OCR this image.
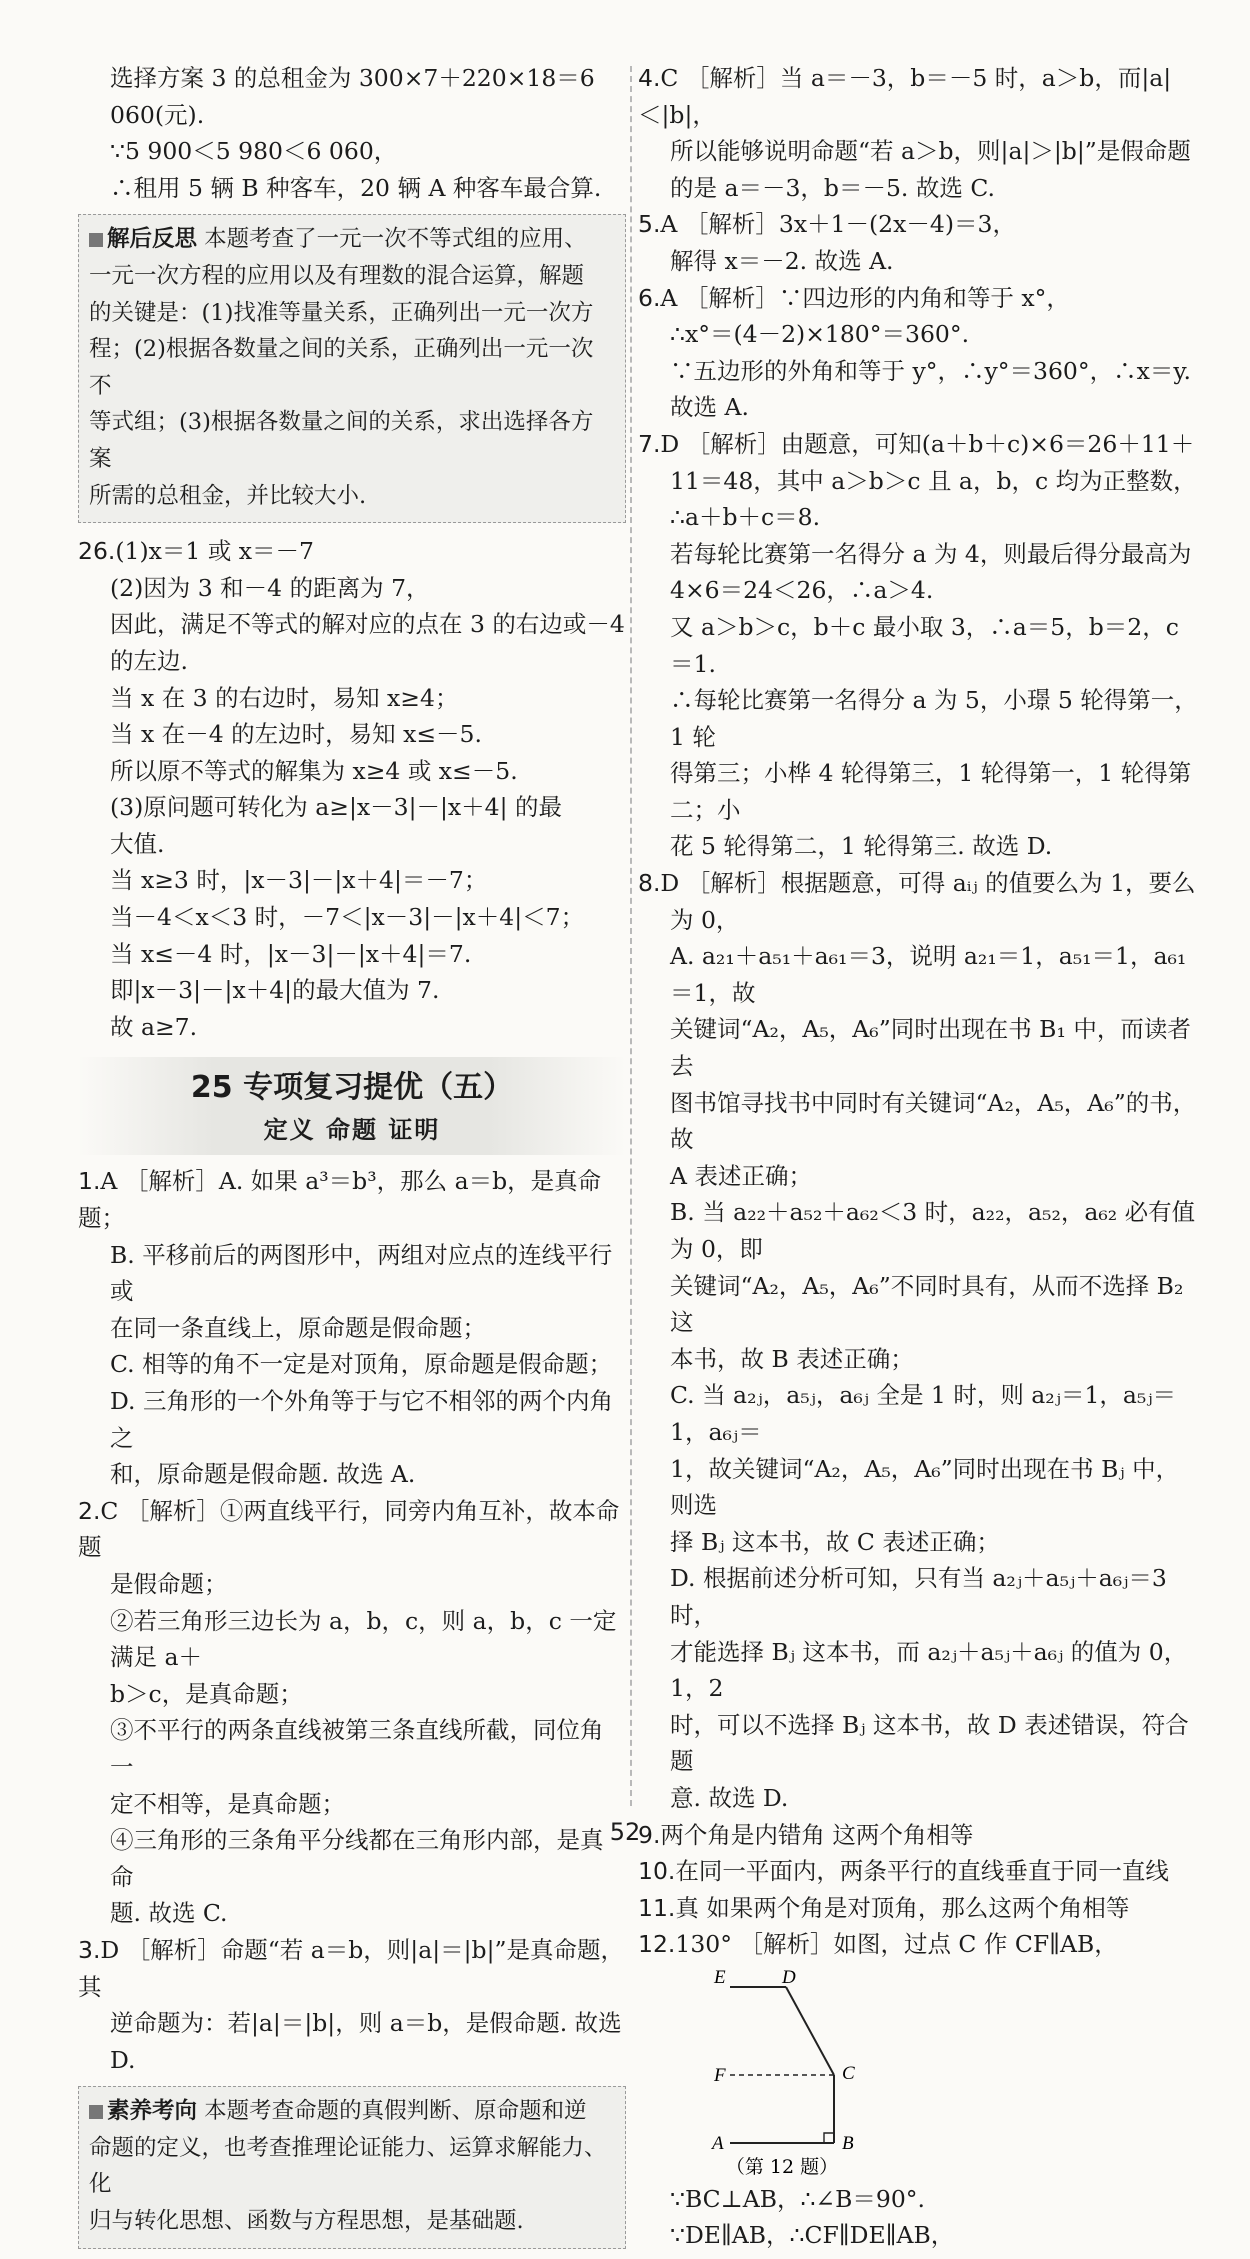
选择方案 3 的总租金为 300×7＋220×18＝6 060(元).

∵5 900＜5 980＜6 060，

∴租用 5 辆 B 种客车，20 辆 A 种客车最合算.

解后反思 本题考查了一元一次不等式组的应用、

一元一次方程的应用以及有理数的混合运算，解题

的关键是：(1)找准等量关系，正确列出一元一次方

程；(2)根据各数量之间的关系，正确列出一元一次不

等式组；(3)根据各数量之间的关系，求出选择各方案

所需的总租金，并比较大小.

26.(1)x＝1 或 x＝－7

(2)因为 3 和－4 的距离为 7，

因此，满足不等式的解对应的点在 3 的右边或－4

的左边.

当 x 在 3 的右边时，易知 x≥4；

当 x 在－4 的左边时，易知 x≤－5.

所以原不等式的解集为 x≥4 或 x≤－5.

(3)原问题可转化为 a≥|x－3|－|x＋4| 的最

大值.

当 x≥3 时，|x－3|－|x＋4|＝－7；

当－4＜x＜3 时，－7＜|x－3|－|x＋4|＜7；

当 x≤－4 时，|x－3|－|x＋4|＝7.

即|x－3|－|x＋4|的最大值为 7.

故 a≥7.

25 专项复习提优（五）
定义 命题 证明

1.A ［解析］A. 如果 a³＝b³，那么 a＝b，是真命题；

B. 平移前后的两图形中，两组对应点的连线平行或

在同一条直线上，原命题是假命题；

C. 相等的角不一定是对顶角，原命题是假命题；

D. 三角形的一个外角等于与它不相邻的两个内角之

和，原命题是假命题. 故选 A.

2.C ［解析］①两直线平行，同旁内角互补，故本命题

是假命题；

②若三角形三边长为 a，b，c，则 a，b，c 一定满足 a＋

b＞c，是真命题；

③不平行的两条直线被第三条直线所截，同位角一

定不相等，是真命题；

④三角形的三条角平分线都在三角形内部，是真命

题. 故选 C.

3.D ［解析］命题“若 a＝b，则|a|＝|b|”是真命题，其

逆命题为：若|a|＝|b|，则 a＝b，是假命题. 故选 D.

素养考向 本题考查命题的真假判断、原命题和逆

命题的定义，也考查推理论证能力、运算求解能力、化

归与转化思想、函数与方程思想，是基础题.

4.C ［解析］当 a＝－3，b＝－5 时，a＞b，而|a|＜|b|，

所以能够说明命题“若 a＞b，则|a|＞|b|”是假命题

的是 a＝－3，b＝－5. 故选 C.

5.A ［解析］3x＋1－(2x－4)＝3，

解得 x＝－2. 故选 A.

6.A ［解析］∵四边形的内角和等于 x°，

∴x°＝(4－2)×180°＝360°.

∵五边形的外角和等于 y°，∴y°＝360°，∴x＝y.

故选 A.

7.D ［解析］由题意，可知(a＋b＋c)×6＝26＋11＋

11＝48，其中 a＞b＞c 且 a，b，c 均为正整数，

∴a＋b＋c＝8.

若每轮比赛第一名得分 a 为 4，则最后得分最高为

4×6＝24＜26，∴a＞4.

又 a＞b＞c，b＋c 最小取 3，∴a＝5，b＝2，c＝1.

∴每轮比赛第一名得分 a 为 5，小璟 5 轮得第一，1 轮

得第三；小桦 4 轮得第三，1 轮得第一，1 轮得第二；小

花 5 轮得第二，1 轮得第三. 故选 D.

8.D ［解析］根据题意，可得 aᵢⱼ 的值要么为 1，要么

为 0，

A. a₂₁＋a₅₁＋a₆₁＝3，说明 a₂₁＝1，a₅₁＝1，a₆₁＝1，故

关键词“A₂，A₅，A₆”同时出现在书 B₁ 中，而读者去

图书馆寻找书中同时有关键词“A₂，A₅，A₆”的书，故

A 表述正确；

B. 当 a₂₂＋a₅₂＋a₆₂＜3 时，a₂₂，a₅₂，a₆₂ 必有值为 0，即

关键词“A₂，A₅，A₆”不同时具有，从而不选择 B₂ 这

本书，故 B 表述正确；

C. 当 a₂ⱼ，a₅ⱼ，a₆ⱼ 全是 1 时，则 a₂ⱼ＝1，a₅ⱼ＝1，a₆ⱼ＝

1，故关键词“A₂，A₅，A₆”同时出现在书 Bⱼ 中，则选

择 Bⱼ 这本书，故 C 表述正确；

D. 根据前述分析可知，只有当 a₂ⱼ＋a₅ⱼ＋a₆ⱼ＝3 时，

才能选择 Bⱼ 这本书，而 a₂ⱼ＋a₅ⱼ＋a₆ⱼ 的值为 0，1，2

时，可以不选择 Bⱼ 这本书，故 D 表述错误，符合题

意. 故选 D.

9.两个角是内错角 这两个角相等

10.在同一平面内，两条平行的直线垂直于同一直线

11.真 如果两个角是对顶角，那么这两个角相等

12.130° ［解析］如图，过点 C 作 CF∥AB，

E	D
F	C
A	B
（第 12 题）

∵BC⊥AB，∴∠B＝90°.

∵DE∥AB，∴CF∥DE∥AB，

52
